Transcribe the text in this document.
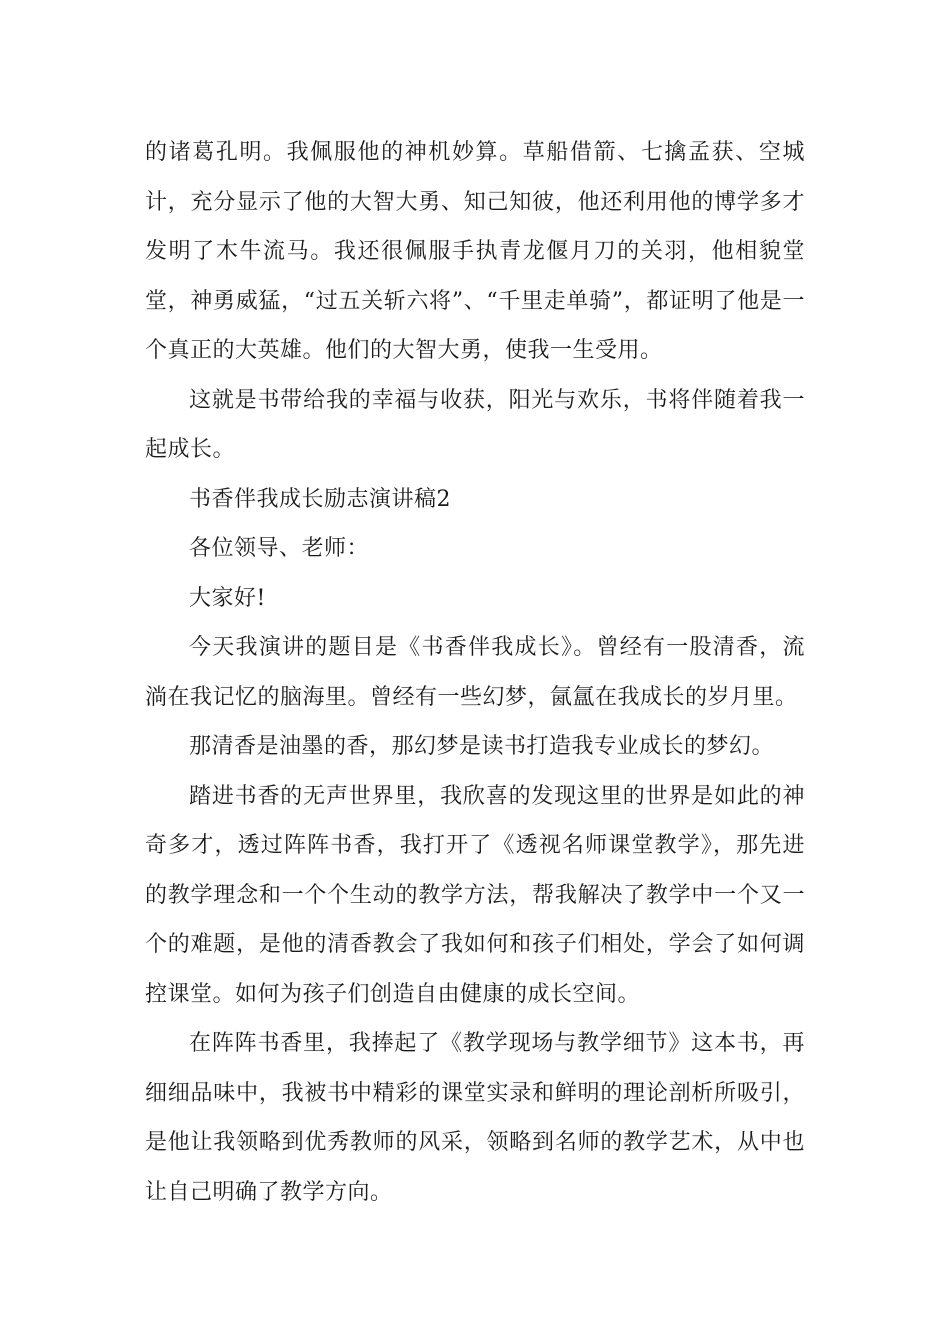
的诸葛孔明。我佩服他的神机妙算。草船借箭、七擒孟获、空城计，充分显示了他的大智大勇、知己知彼，他还利用他的博学多才发明了木牛流马。我还很佩服手执青龙偃月刀的关羽，他相貌堂堂，神勇威猛，“过五关斩六将”、“千里走单骑”，都证明了他是一个真正的大英雄。他们的大智大勇，使我一生受用。

这就是书带给我的幸福与收获，阳光与欢乐，书将伴随着我一起成长。

书香伴我成长励志演讲稿2

各位领导、老师：

大家好!

今天我演讲的题目是《书香伴我成长》。曾经有一股清香，流淌在我记忆的脑海里。曾经有一些幻梦，氤氲在我成长的岁月里。

那清香是油墨的香，那幻梦是读书打造我专业成长的梦幻。

踏进书香的无声世界里，我欣喜的发现这里的世界是如此的神奇多才，透过阵阵书香，我打开了《透视名师课堂教学》，那先进的教学理念和一个个生动的教学方法，帮我解决了教学中一个又一个的难题，是他的清香教会了我如何和孩子们相处，学会了如何调控课堂。如何为孩子们创造自由健康的成长空间。

在阵阵书香里，我捧起了《教学现场与教学细节》这本书，再细细品味中，我被书中精彩的课堂实录和鲜明的理论剖析所吸引，是他让我领略到优秀教师的风采，领略到名师的教学艺术，从中也让自己明确了教学方向。
